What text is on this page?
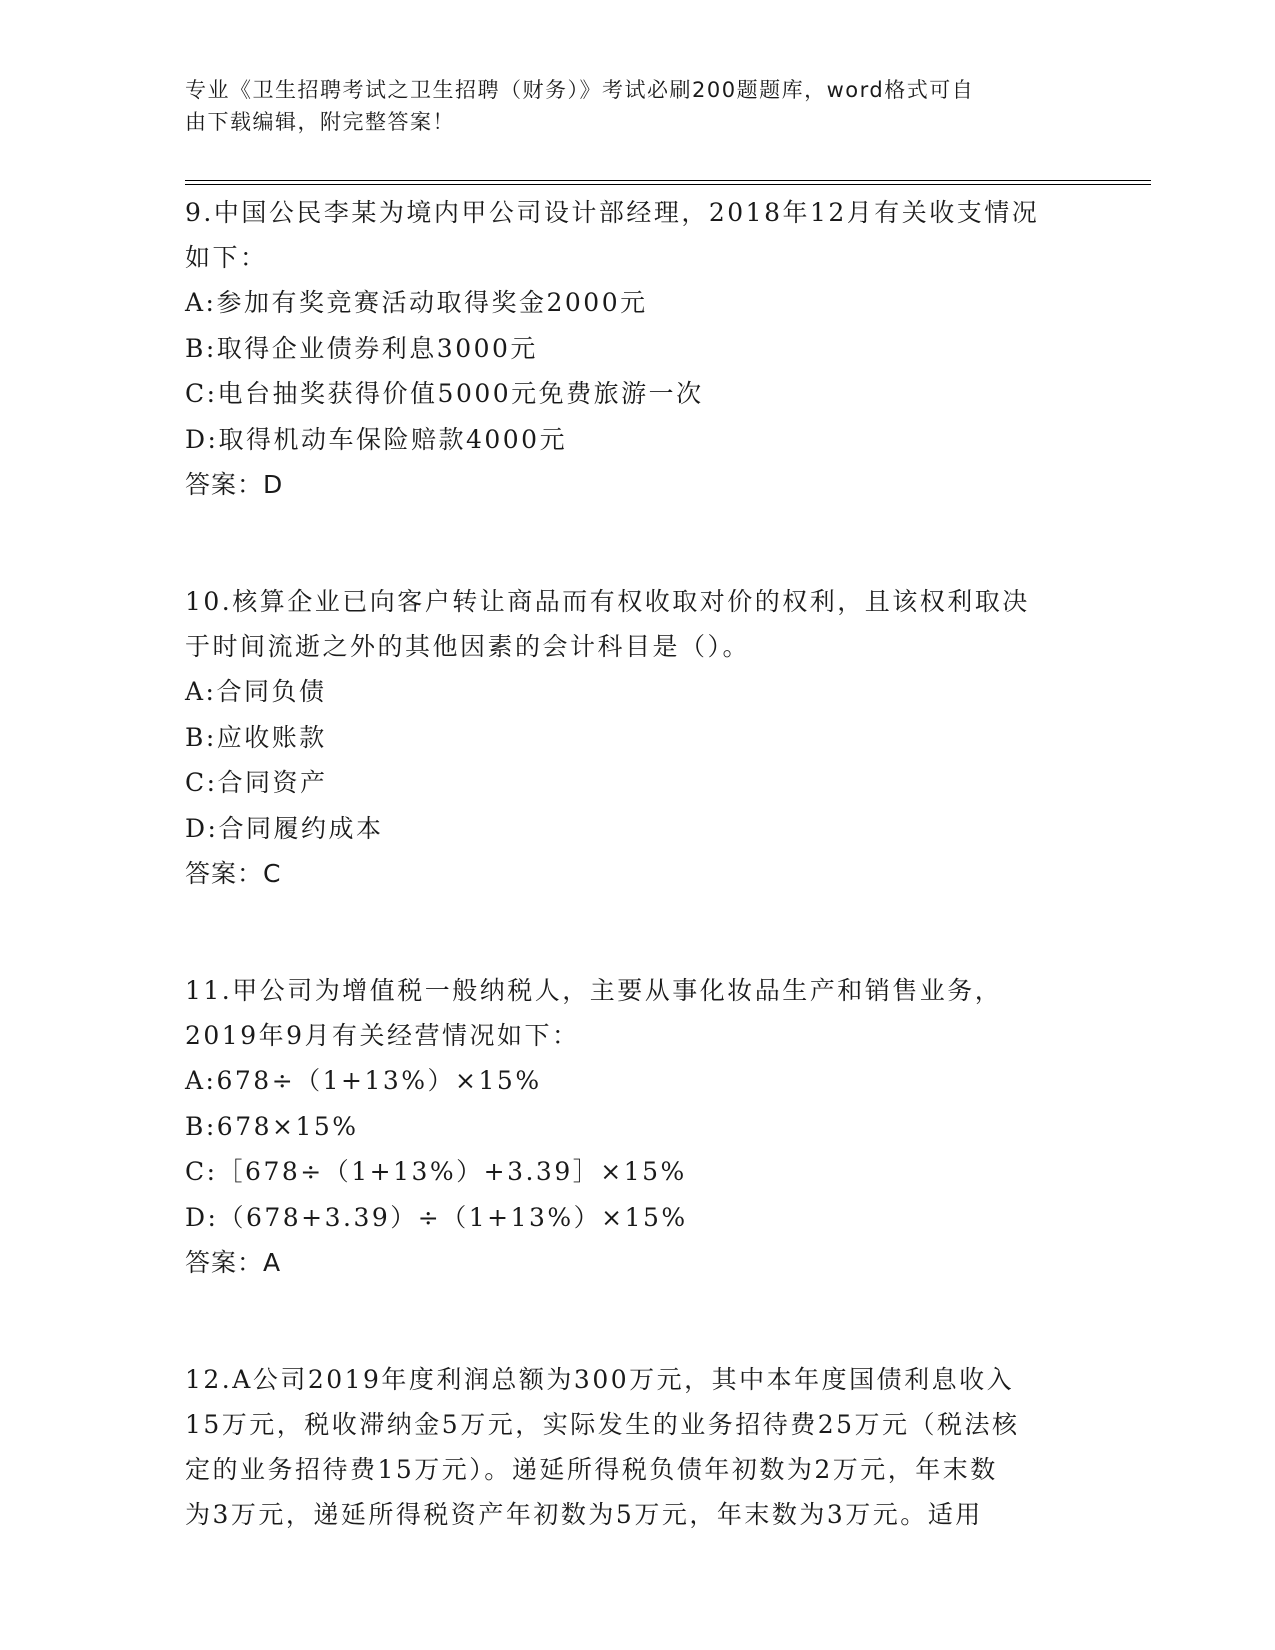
专业《卫生招聘考试之卫生招聘（财务）》考试必刷200题题库，word格式可自
由下载编辑，附完整答案！
9.中国公民李某为境内甲公司设计部经理，2018年12月有关收支情况
如下：
A:参加有奖竞赛活动取得奖金2000元
B:取得企业债券利息3000元
C:电台抽奖获得价值5000元免费旅游一次
D:取得机动车保险赔款4000元
答案：D
10.核算企业已向客户转让商品而有权收取对价的权利，且该权利取决
于时间流逝之外的其他因素的会计科目是（）。
A:合同负债
B:应收账款
C:合同资产
D:合同履约成本
答案：C
11.甲公司为增值税一般纳税人，主要从事化妆品生产和销售业务，
2019年9月有关经营情况如下：
A:678÷（1+13%）×15%
B:678×15%
C:［678÷（1+13%）+3.39］×15%
D:（678+3.39）÷（1+13%）×15%
答案：A
12.A公司2019年度利润总额为300万元，其中本年度国债利息收入
15万元，税收滞纳金5万元，实际发生的业务招待费25万元（税法核
定的业务招待费15万元）。递延所得税负债年初数为2万元，年末数
为3万元，递延所得税资产年初数为5万元，年末数为3万元。适用
